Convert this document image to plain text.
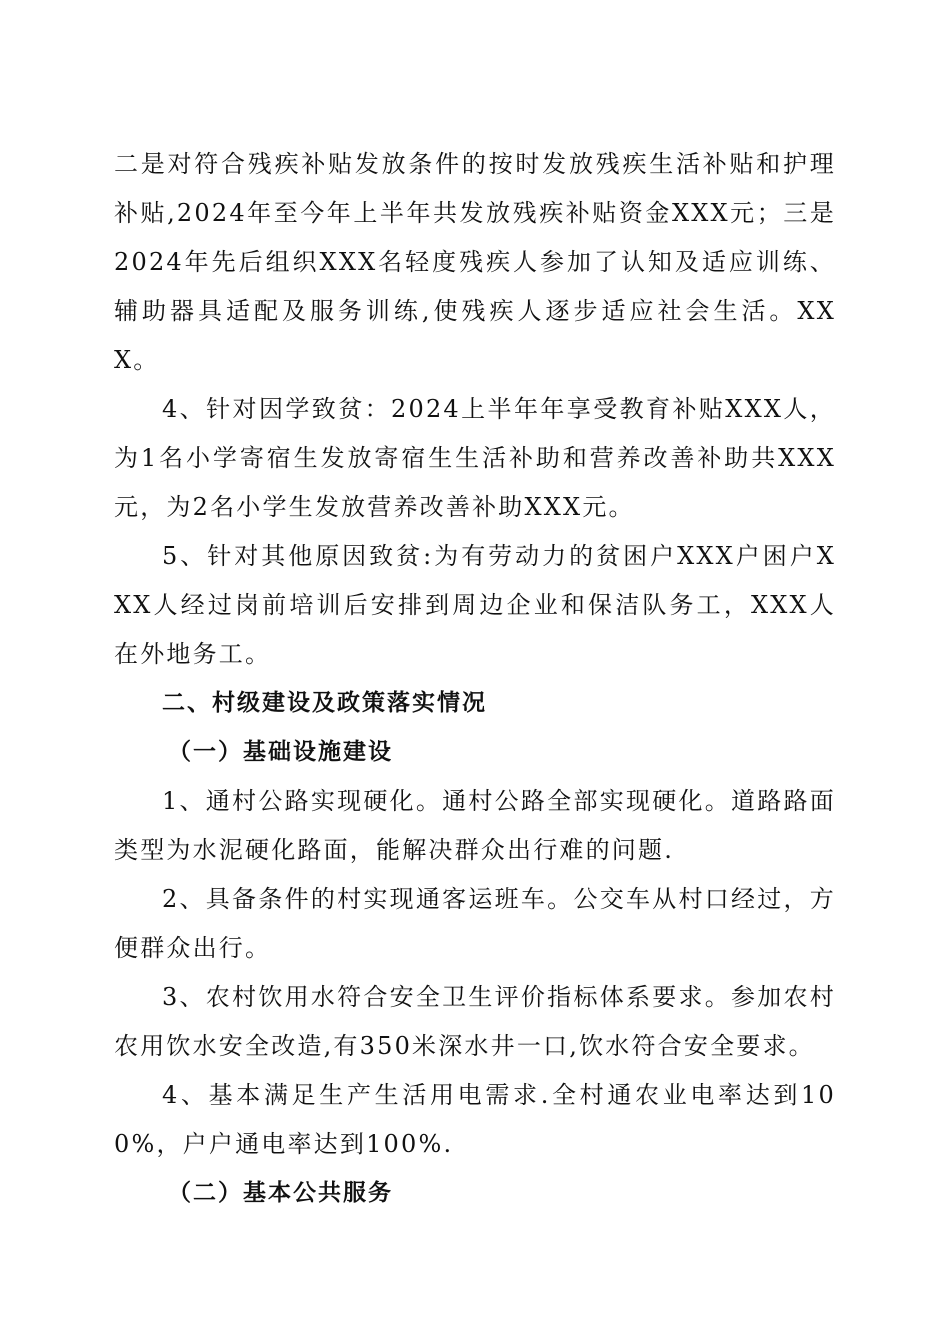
二是对符合残疾补贴发放条件的按时发放残疾生活补贴和护理补贴,2024年至今年上半年共发放残疾补贴资金XXX元；三是2024年先后组织XXX名轻度残疾人参加了认知及适应训练、辅助器具适配及服务训练,使残疾人逐步适应社会生活。XXX。

4、针对因学致贫：2024上半年年享受教育补贴XXX人，为1名小学寄宿生发放寄宿生生活补助和营养改善补助共XXX元，为2名小学生发放营养改善补助XXX元。

5、针对其他原因致贫:为有劳动力的贫困户XXX户困户XXX人经过岗前培训后安排到周边企业和保洁队务工，XXX人在外地务工。

二、村级建设及政策落实情况

（一）基础设施建设

1、通村公路实现硬化。通村公路全部实现硬化。道路路面类型为水泥硬化路面，能解决群众出行难的问题.

2、具备条件的村实现通客运班车。公交车从村口经过，方便群众出行。

3、农村饮用水符合安全卫生评价指标体系要求。参加农村农用饮水安全改造,有350米深水井一口,饮水符合安全要求。

4、基本满足生产生活用电需求.全村通农业电率达到100%，户户通电率达到100%.

（二）基本公共服务
